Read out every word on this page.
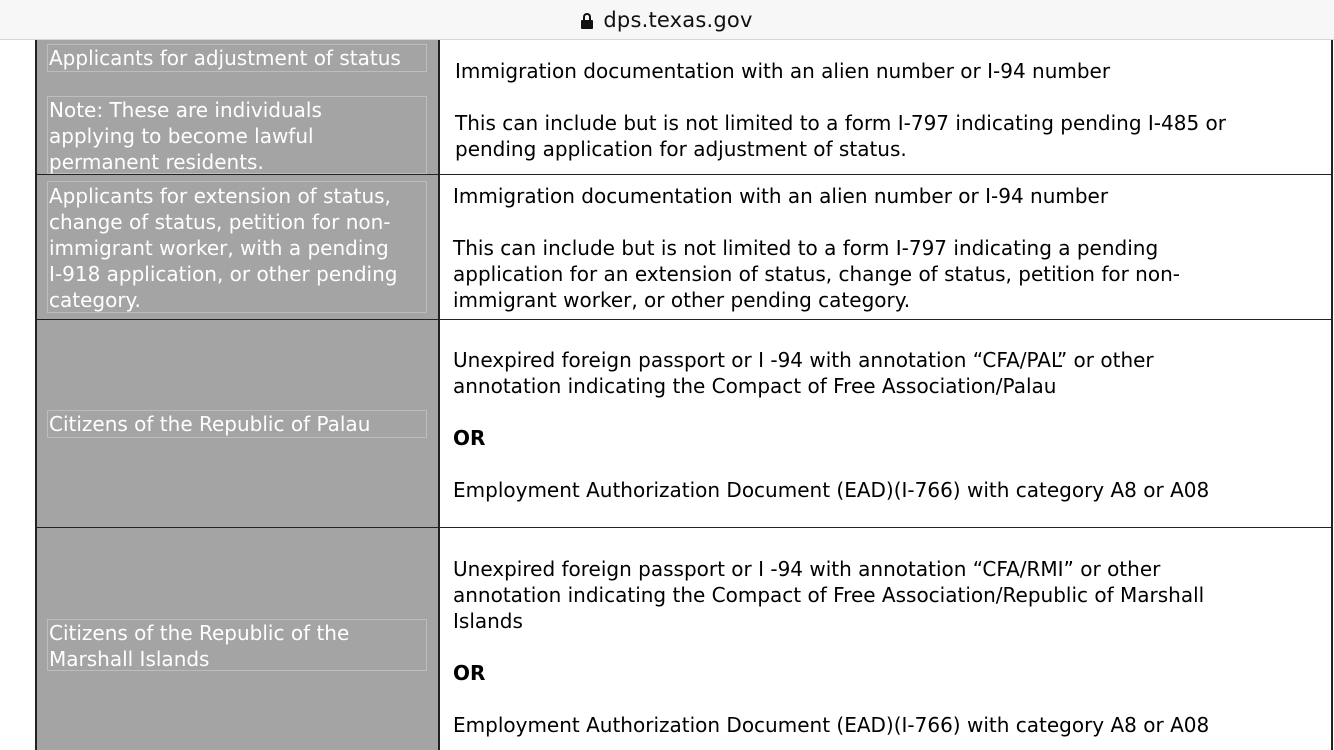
dps.texas.gov
Applicants for adjustment of status

Note: These are individuals
applying to become lawful
permanent residents.
Immigration documentation with an alien number or I-94 number

This can include but is not limited to a form I-797 indicating pending I-485 or
pending application for adjustment of status.
Applicants for extension of status,
change of status, petition for non-
immigrant worker, with a pending
I-918 application, or other pending
category.
Immigration documentation with an alien number or I-94 number

This can include but is not limited to a form I-797 indicating a pending
application for an extension of status, change of status, petition for non-
immigrant worker, or other pending category.
Citizens of the Republic of Palau
Unexpired foreign passport or I -94 with annotation “CFA/PAL” or other
annotation indicating the Compact of Free Association/Palau

OR

Employment Authorization Document (EAD)(I-766) with category A8 or A08
Citizens of the Republic of the
Marshall Islands
Unexpired foreign passport or I -94 with annotation “CFA/RMI” or other
annotation indicating the Compact of Free Association/Republic of Marshall
Islands

OR

Employment Authorization Document (EAD)(I-766) with category A8 or A08
